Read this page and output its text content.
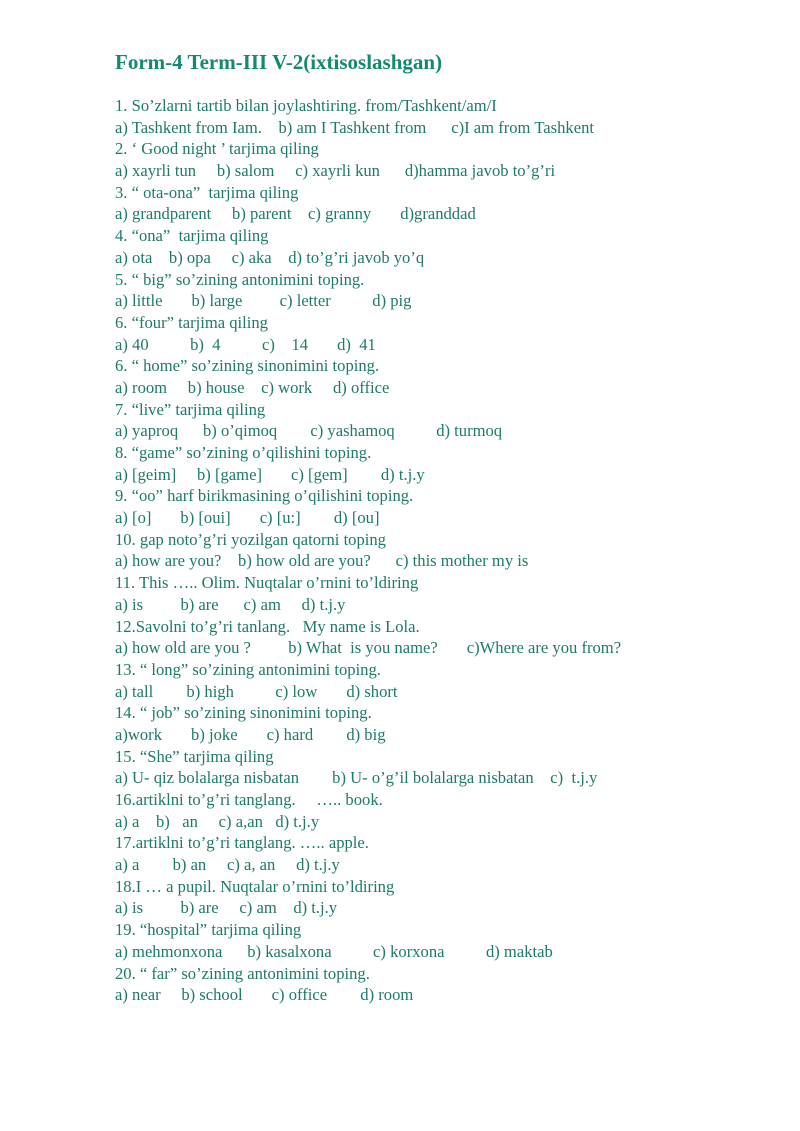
Form-4 Term-III V-2(ixtisoslashgan)
1. So’zlarni tartib bilan joylashtiring. from/Tashkent/am/I
a) Tashkent from Iam.    b) am I Tashkent from      c)I am from Tashkent
2. ‘ Good night ’ tarjima qiling
a) xayrli tun     b) salom     c) xayrli kun      d)hamma javob to’g’ri
3. “ ota-ona”  tarjima qiling
a) grandparent     b) parent    c) granny       d)granddad
4. “ona”  tarjima qiling
a) ota    b) opa     c) aka    d) to’g’ri javob yo’q
5. “ big” so’zining antonimini toping.
a) little       b) large         c) letter          d) pig
6. “four” tarjima qiling
a) 40          b)  4          c)    14       d)  41
6. “ home” so’zining sinonimini toping.
a) room     b) house    c) work     d) office
7. “live” tarjima qiling
a) yaproq      b) o’qimoq        c) yashamoq          d) turmoq
8. “game” so’zining o’qilishini toping.
a) [geim]     b) [game]       c) [gem]        d) t.j.y
9. “oo” harf birikmasining o’qilishini toping.
a) [o]       b) [oui]       c) [u:]        d) [ou]
10. gap noto’g’ri yozilgan qatorni toping
a) how are you?    b) how old are you?      c) this mother my is
11. This ….. Olim. Nuqtalar o’rnini to’ldiring
a) is         b) are      c) am     d) t.j.y
12.Savolni to’g’ri tanlang.   My name is Lola.
a) how old are you ?         b) What  is you name?       c)Where are you from?
13. “ long” so’zining antonimini toping.
a) tall        b) high          c) low       d) short
14. “ job” so’zining sinonimini toping.
a)work       b) joke       c) hard        d) big
15. “She” tarjima qiling
a) U- qiz bolalarga nisbatan        b) U- o’g’il bolalarga nisbatan    c)  t.j.y
16.artiklni to’g’ri tanglang.     ….. book.
a) a    b)   an     c) a,an   d) t.j.y
17.artiklni to’g’ri tanglang. ….. apple.
a) a        b) an     c) a, an     d) t.j.y
18.I … a pupil. Nuqtalar o’rnini to’ldiring
a) is         b) are     c) am    d) t.j.y
19. “hospital” tarjima qiling
a) mehmonxona      b) kasalxona          c) korxona          d) maktab
20. “ far” so’zining antonimini toping.
a) near     b) school       c) office        d) room
